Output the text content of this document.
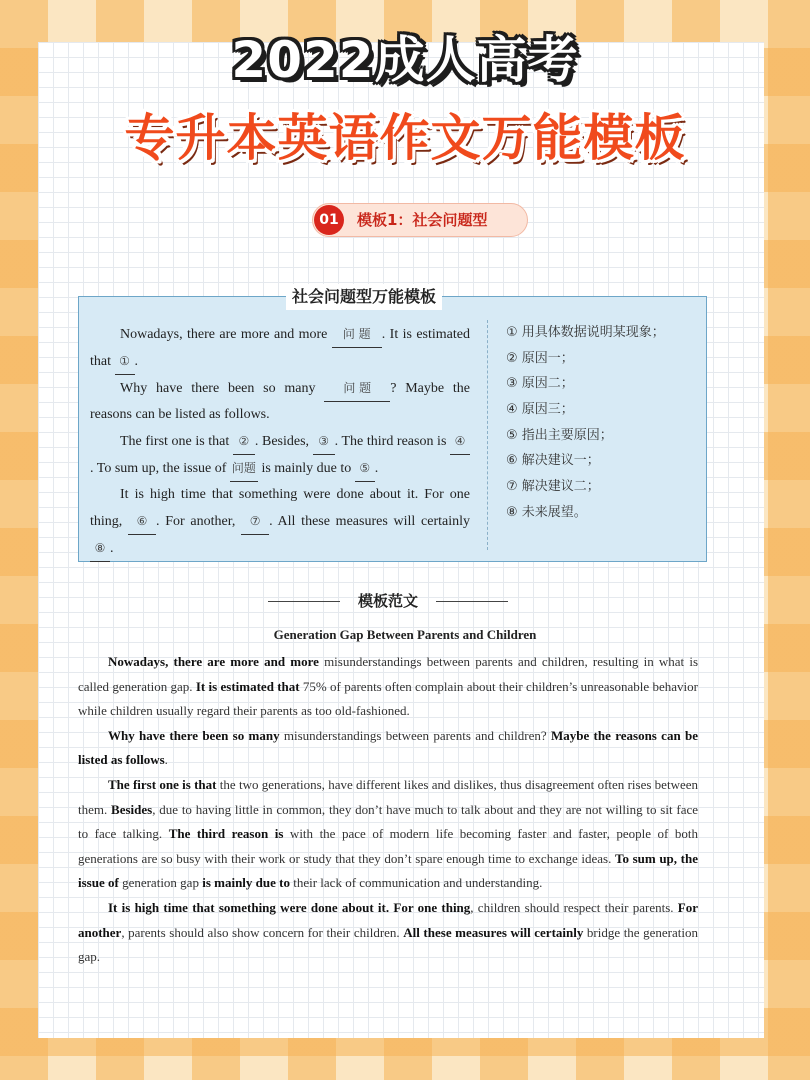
2022成人高考
专升本英语作文万能模板
01	模板1：社会问题型
社会问题型万能模板

Nowadays, there are more and more 问 题 . It is estimated that ① .

Why have there been so many 问 题 ? Maybe the reasons can be listed as follows.

The first one is that ② . Besides, ③ . The third reason is ④. To sum up, the issue of 问题 is mainly due to ⑤ .

It is high time that something were done about it. For one thing, ⑥ . For another, ⑦ . All these measures will certainly ⑧ .

① 用具体数据说明某现象；
② 原因一；
③ 原因二；
④ 原因三；
⑤ 指出主要原因；
⑥ 解决建议一；
⑦ 解决建议二；
⑧ 未来展望。
模板范文
Generation Gap Between Parents and Children

Nowadays, there are more and more misunderstandings between parents and children, resulting in what is called generation gap. It is estimated that 75% of parents often complain about their children’s unreasonable behavior while children usually regard their parents as too old-fashioned.

Why have there been so many misunderstandings between parents and children? Maybe the reasons can be listed as follows.

The first one is that the two generations, have different likes and dislikes, thus disagreement often rises between them. Besides, due to having little in common, they don’t have much to talk about and they are not willing to sit face to face talking. The third reason is with the pace of modern life becoming faster and faster, people of both generations are so busy with their work or study that they don’t spare enough time to exchange ideas. To sum up, the issue of generation gap is mainly due to their lack of communication and understanding.

It is high time that something were done about it. For one thing, children should respect their parents. For another, parents should also show concern for their children. All these measures will certainly bridge the generation gap.
